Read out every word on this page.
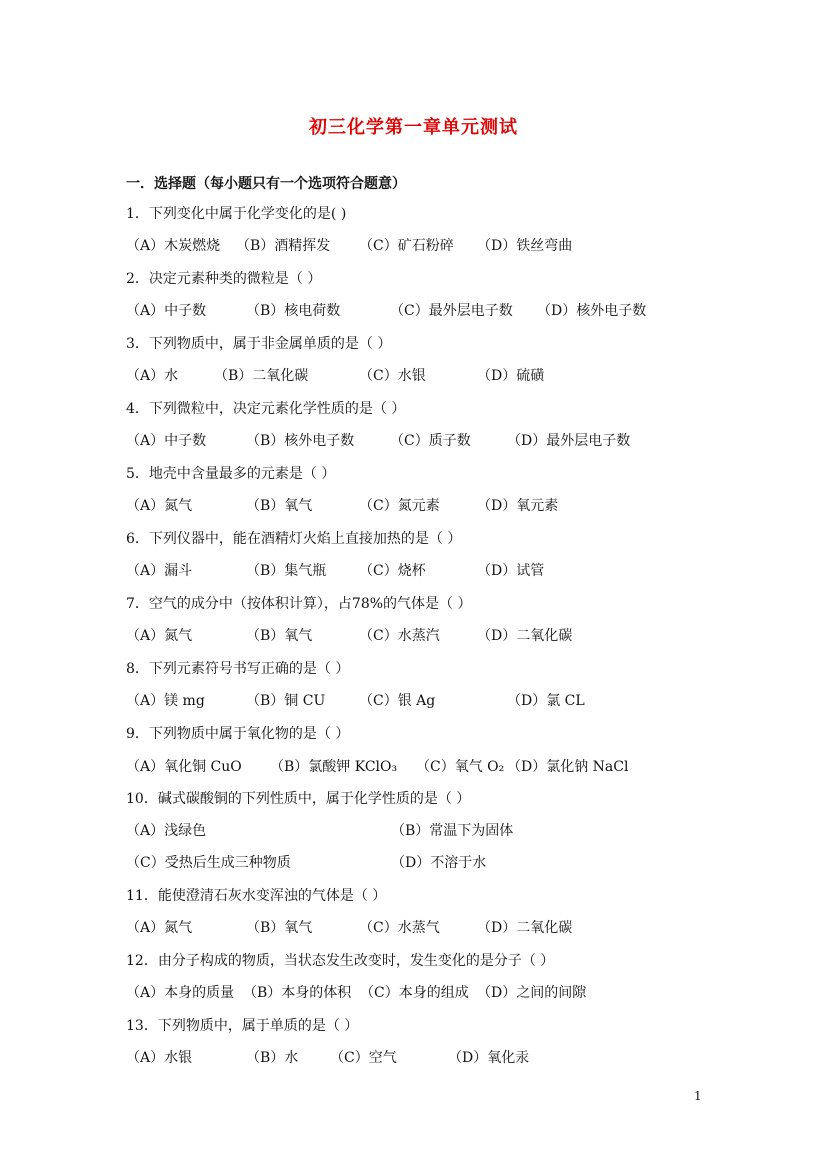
初三化学第一章单元测试
一．选择题（每小题只有一个选项符合题意）
1．下列变化中属于化学变化的是( )
（A）木炭燃烧 （B）酒精挥发 （C）矿石粉碎 （D）铁丝弯曲
2．决定元素种类的微粒是（ ）
（A）中子数	（B）核电荷数	（C）最外层电子数 （D）核外电子数
3．下列物质中，属于非金属单质的是（ ）
（A）水	（B）二氧化碳	（C）水银	（D）硫磺
4．下列微粒中，决定元素化学性质的是（ ）
（A）中子数	（B）核外电子数	（C）质子数	（D）最外层电子数
5．地壳中含量最多的元素是（ ）
（A）氮气	（B）氧气	（C）氮元素	（D）氧元素
6．下列仪器中，能在酒精灯火焰上直接加热的是（ ）
（A）漏斗	（B）集气瓶 （C）烧杯	（D）试管
7．空气的成分中（按体积计算），占78%的气体是（ ）
（A）氮气	（B）氧气	（C）水蒸汽	（D）二氧化碳
8．下列元素符号书写正确的是（ ）
（A）镁 mg	（B）铜 CU （C）银 Ag	（D）氯 CL
9．下列物质中属于氧化物的是（ ）
（A）氧化铜 CuO （B）氯酸钾 KClO₃ （C）氧气 O₂ （D）氯化钠 NaCl
10．碱式碳酸铜的下列性质中，属于化学性质的是（ ）
（A）浅绿色	（B）常温下为固体
（C）受热后生成三种物质	（D）不溶于水
11．能使澄清石灰水变浑浊的气体是（ ）
（A）氮气	（B）氧气	（C）水蒸气	（D）二氧化碳
12．由分子构成的物质，当状态发生改变时，发生变化的是分子（ ）
（A）本身的质量 （B）本身的体积 （C）本身的组成 （D）之间的间隙
13．下列物质中，属于单质的是（ ）
（A）水银	（B）水 （C）空气	（D）氧化汞
1
